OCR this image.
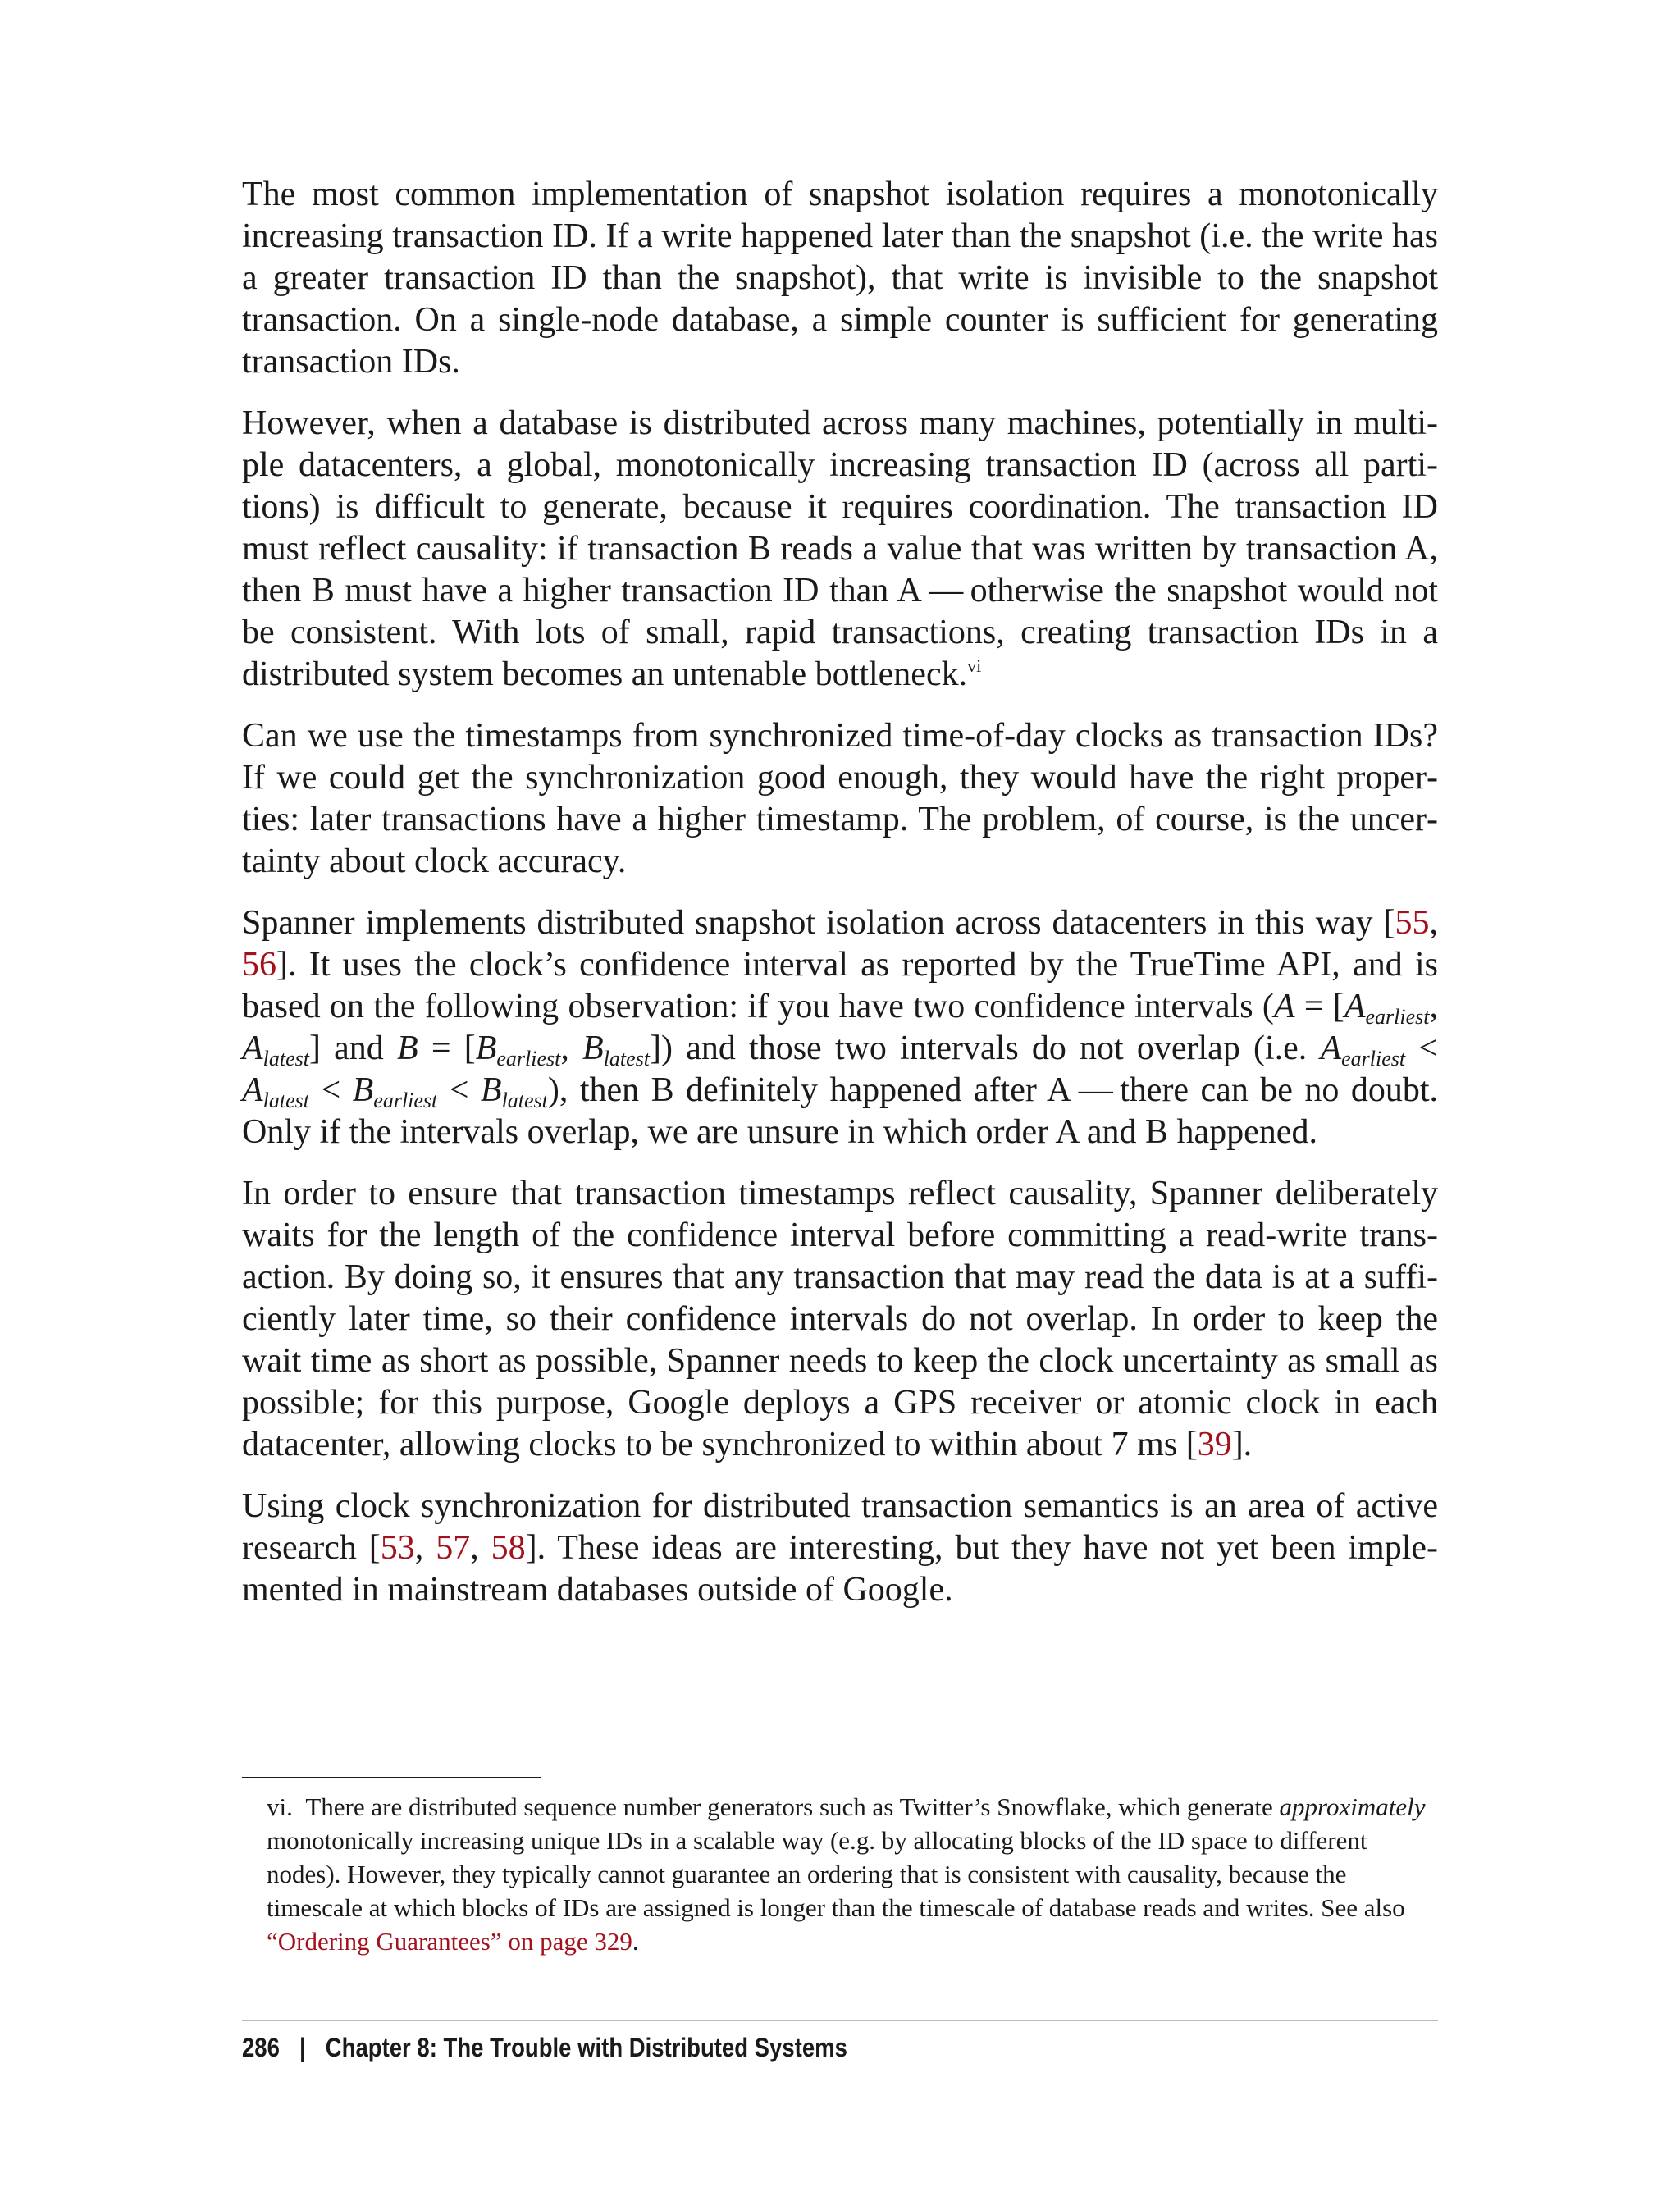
The most common implementation of snapshot isolation requires a monotonically increasing transaction ID. If a write happened later than the snapshot (i.e. the write has a greater transaction ID than the snapshot), that write is invisible to the snapshot transaction. On a single-node database, a simple counter is sufficient for generating transaction IDs.

However, when a database is distributed across many machines, potentially in multiple datacenters, a global, monotonically increasing transaction ID (across all partitions) is difficult to generate, because it requires coordination. The transaction ID must reflect causality: if transaction B reads a value that was written by transaction A, then B must have a higher transaction ID than A — otherwise the snapshot would not be consistent. With lots of small, rapid transactions, creating transaction IDs in a distributed system becomes an untenable bottleneck.$^{vi}$

Can we use the timestamps from synchronized time-of-day clocks as transaction IDs? If we could get the synchronization good enough, they would have the right properties: later transactions have a higher timestamp. The problem, of course, is the uncertainty about clock accuracy.

Spanner implements distributed snapshot isolation across datacenters in this way [55, 56]. It uses the clock’s confidence interval as reported by the TrueTime API, and is based on the following observation: if you have two confidence intervals ($A = [A_{earliest}$, $A_{latest}$] and $B = [B_{earliest}$, $B_{latest}$]) and those two intervals do not overlap (i.e. $A_{earliest} < A_{latest} < B_{earliest} < B_{latest}$), then B definitely happened after A — there can be no doubt. Only if the intervals overlap, we are unsure in which order A and B happened.

In order to ensure that transaction timestamps reflect causality, Spanner deliberately waits for the length of the confidence interval before committing a read-write transaction. By doing so, it ensures that any transaction that may read the data is at a sufficiently later time, so their confidence intervals do not overlap. In order to keep the wait time as short as possible, Spanner needs to keep the clock uncertainty as small as possible; for this purpose, Google deploys a GPS receiver or atomic clock in each datacenter, allowing clocks to be synchronized to within about 7 ms [39].

Using clock synchronization for distributed transaction semantics is an area of active research [53, 57, 58]. These ideas are interesting, but they have not yet been implemented in mainstream databases outside of Google.

vi. There are distributed sequence number generators such as Twitter’s Snowflake, which generate approximately monotonically increasing unique IDs in a scalable way (e.g. by allocating blocks of the ID space to different nodes). However, they typically cannot guarantee an ordering that is consistent with causality, because the timescale at which blocks of IDs are assigned is longer than the timescale of database reads and writes. See also “Ordering Guarantees” on page 329.

286 | Chapter 8: The Trouble with Distributed Systems
